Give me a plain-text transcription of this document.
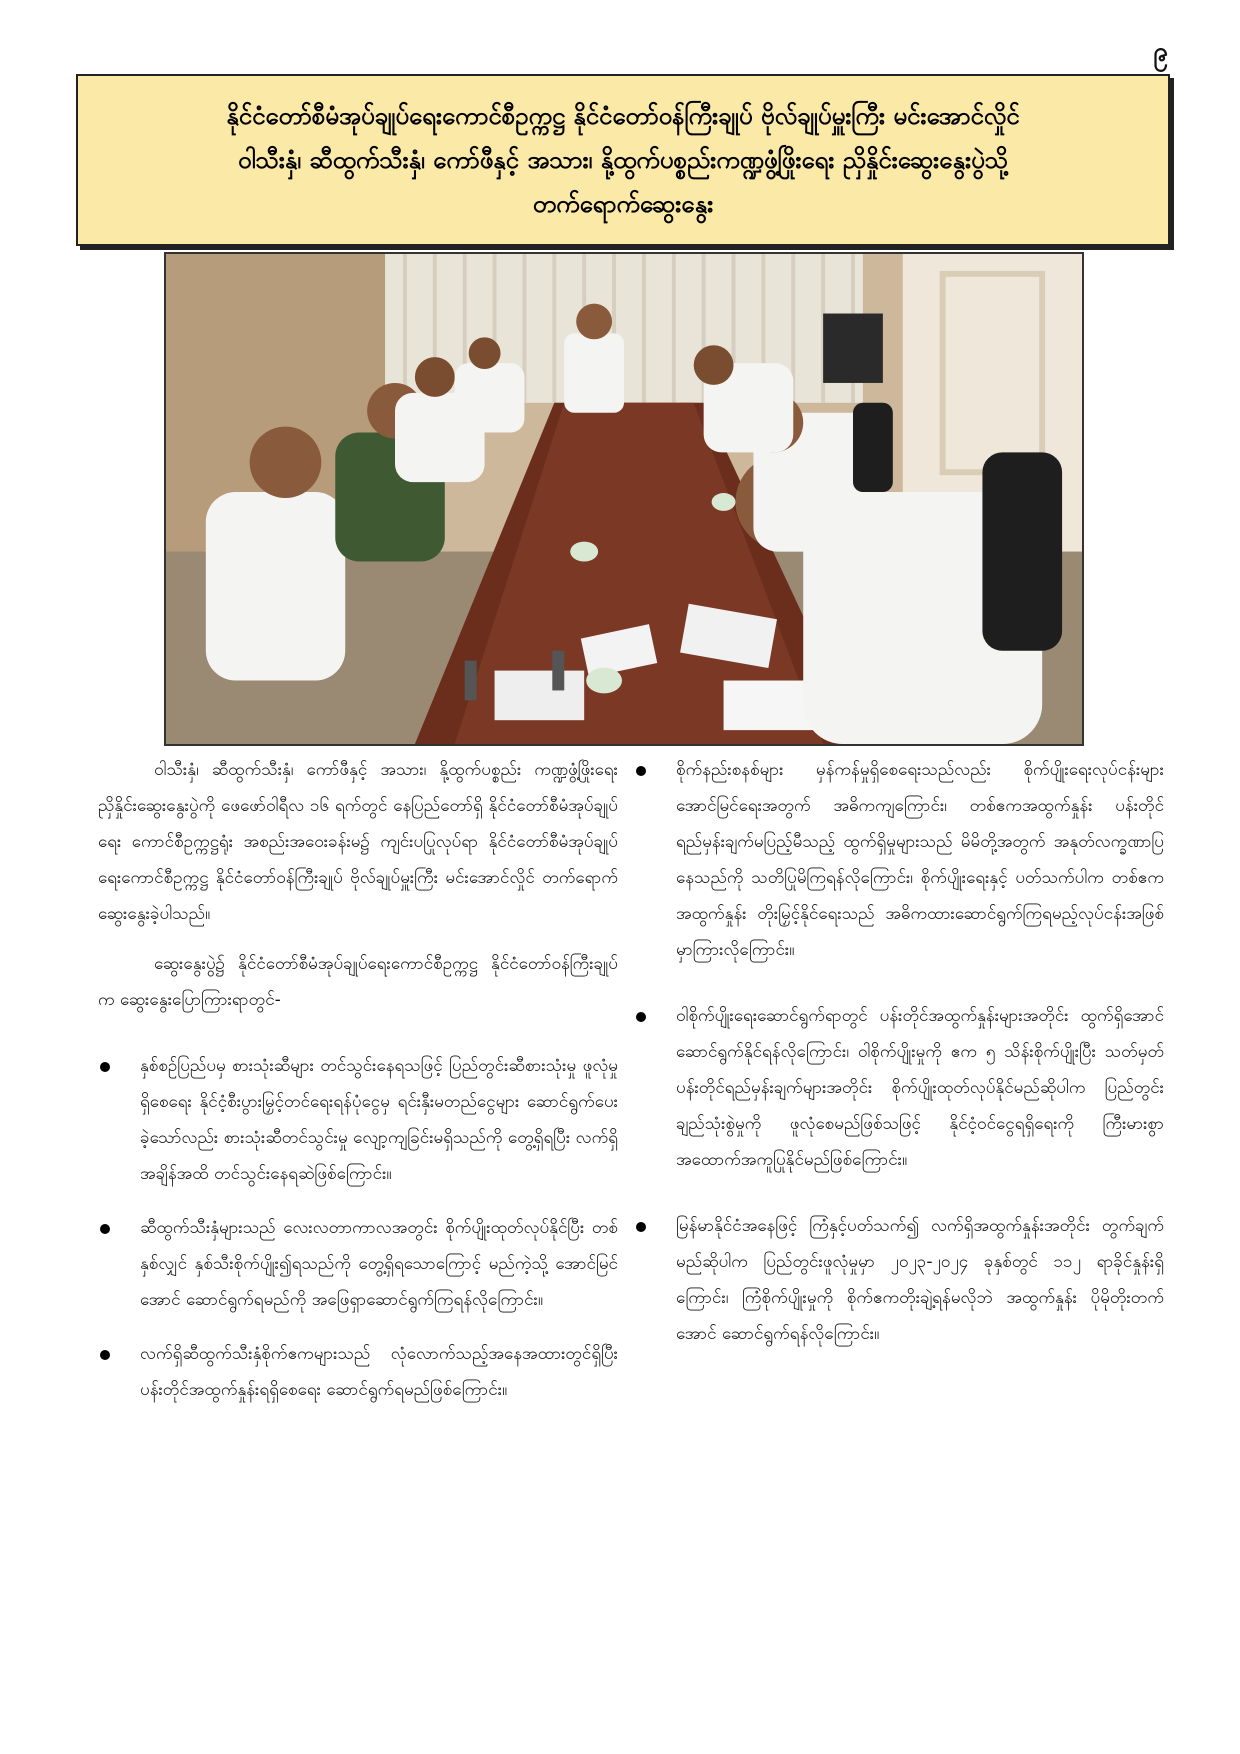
၉
နိုင်ငံတော်စီမံအုပ်ချုပ်ရေးကောင်စီဥက္ကဋ္ဌ နိုင်ငံတော်ဝန်ကြီးချုပ် ဗိုလ်ချုပ်မှူးကြီး မင်းအောင်လှိုင်
ဝါသီးနှံ၊ ဆီထွက်သီးနှံ၊ ကော်ဖီနှင့် အသား၊ နို့ထွက်ပစ္စည်းကဏ္ဍဖွံ့ဖြိုးရေး ညှိနှိုင်းဆွေးနွေးပွဲသို့
တက်ရောက်ဆွေးနွေး

ဝါသီးနှံ၊ ဆီထွက်သီးနှံ၊ ကော်ဖီနှင့် အသား၊ နို့ထွက်ပစ္စည်း ကဏ္ဍဖွံ့ဖြိုးရေး ညှိနှိုင်းဆွေးနွေးပွဲကို ဖေဖော်ဝါရီလ ၁၆ ရက်တွင် နေပြည်တော်ရှိ နိုင်ငံတော်စီမံအုပ်ချုပ်ရေး ကောင်စီဥက္ကဋ္ဌရုံး အစည်းအဝေးခန်းမ၌ ကျင်းပပြုလုပ်ရာ နိုင်ငံတော်စီမံအုပ်ချုပ်ရေးကောင်စီဥက္ကဋ္ဌ နိုင်ငံတော်ဝန်ကြီးချုပ် ဗိုလ်ချုပ်မှူးကြီး မင်းအောင်လှိုင် တက်ရောက်ဆွေးနွေးခဲ့ပါသည်။

ဆွေးနွေးပွဲ၌ နိုင်ငံတော်စီမံအုပ်ချုပ်ရေးကောင်စီဥက္ကဋ္ဌ နိုင်ငံတော်ဝန်ကြီးချုပ်က ဆွေးနွေးပြောကြားရာတွင်-

နှစ်စဉ်ပြည်ပမှ စားသုံးဆီများ တင်သွင်းနေရသဖြင့် ပြည်တွင်းဆီစားသုံးမှု ဖူလုံမှုရှိစေရေး နိုင်ငံ့စီးပွားမြှင့်တင်ရေးရန်ပုံငွေမှ ရင်းနှီးမတည်ငွေများ ဆောင်ရွက်ပေးခဲ့သော်လည်း စားသုံးဆီတင်သွင်းမှု လျော့ကျခြင်းမရှိသည်ကို တွေ့ရှိရပြီး လက်ရှိအချိန်အထိ တင်သွင်းနေရဆဲဖြစ်ကြောင်း။
ဆီထွက်သီးနှံများသည် လေးလတာကာလအတွင်း စိုက်ပျိုးထုတ်လုပ်နိုင်ပြီး တစ်နှစ်လျှင် နှစ်သီးစိုက်ပျိုး၍ရသည်ကို တွေ့ရှိရသောကြောင့် မည်ကဲ့သို့ အောင်မြင်အောင် ဆောင်ရွက်ရမည်ကို အဖြေရှာဆောင်ရွက်ကြရန်လိုကြောင်း။
လက်ရှိဆီထွက်သီးနှံစိုက်ဧကများသည် လုံလောက်သည့်အနေအထားတွင်ရှိပြီး ပန်းတိုင်အထွက်နှုန်းရရှိစေရေး ဆောင်ရွက်ရမည်ဖြစ်ကြောင်း။
စိုက်နည်းစနစ်များ မှန်ကန်မှုရှိစေရေးသည်လည်း စိုက်ပျိုးရေးလုပ်ငန်းများ အောင်မြင်ရေးအတွက် အဓိကကျကြောင်း၊ တစ်ဧကအထွက်နှုန်း ပန်းတိုင်ရည်မှန်းချက်မပြည့်မီသည့် ထွက်ရှိမှုများသည် မိမိတို့အတွက် အနုတ်လက္ခဏာပြနေသည်ကို သတိပြုမိကြရန်လိုကြောင်း၊ စိုက်ပျိုးရေးနှင့် ပတ်သက်ပါက တစ်ဧကအထွက်နှုန်း တိုးမြှင့်နိုင်ရေးသည် အဓိကထားဆောင်ရွက်ကြရမည့်လုပ်ငန်းအဖြစ် မှာကြားလိုကြောင်း။
ဝါစိုက်ပျိုးရေးဆောင်ရွက်ရာတွင် ပန်းတိုင်အထွက်နှုန်းများအတိုင်း ထွက်ရှိအောင် ဆောင်ရွက်နိုင်ရန်လိုကြောင်း၊ ဝါစိုက်ပျိုးမှုကို ဧက ၅ သိန်းစိုက်ပျိုးပြီး သတ်မှတ်ပန်းတိုင်ရည်မှန်းချက်များအတိုင်း စိုက်ပျိုးထုတ်လုပ်နိုင်မည်ဆိုပါက ပြည်တွင်းချည်သုံးစွဲမှုကို ဖူလုံစေမည်ဖြစ်သဖြင့် နိုင်ငံ့ဝင်ငွေရရှိရေးကို ကြီးမားစွာ အထောက်အကူပြုနိုင်မည်ဖြစ်ကြောင်း။
မြန်မာနိုင်ငံအနေဖြင့် ကြံနှင့်ပတ်သက်၍ လက်ရှိအထွက်နှုန်းအတိုင်း တွက်ချက်မည်ဆိုပါက ပြည်တွင်းဖူလုံမှုမှာ ၂၀၂၃-၂၀၂၄ ခုနှစ်တွင် ၁၁၂ ရာခိုင်နှုန်းရှိကြောင်း၊ ကြံစိုက်ပျိုးမှုကို စိုက်ဧကတိုးချဲ့ရန်မလိုဘဲ အထွက်နှုန်း ပိုမိုတိုးတက်အောင် ဆောင်ရွက်ရန်လိုကြောင်း။
